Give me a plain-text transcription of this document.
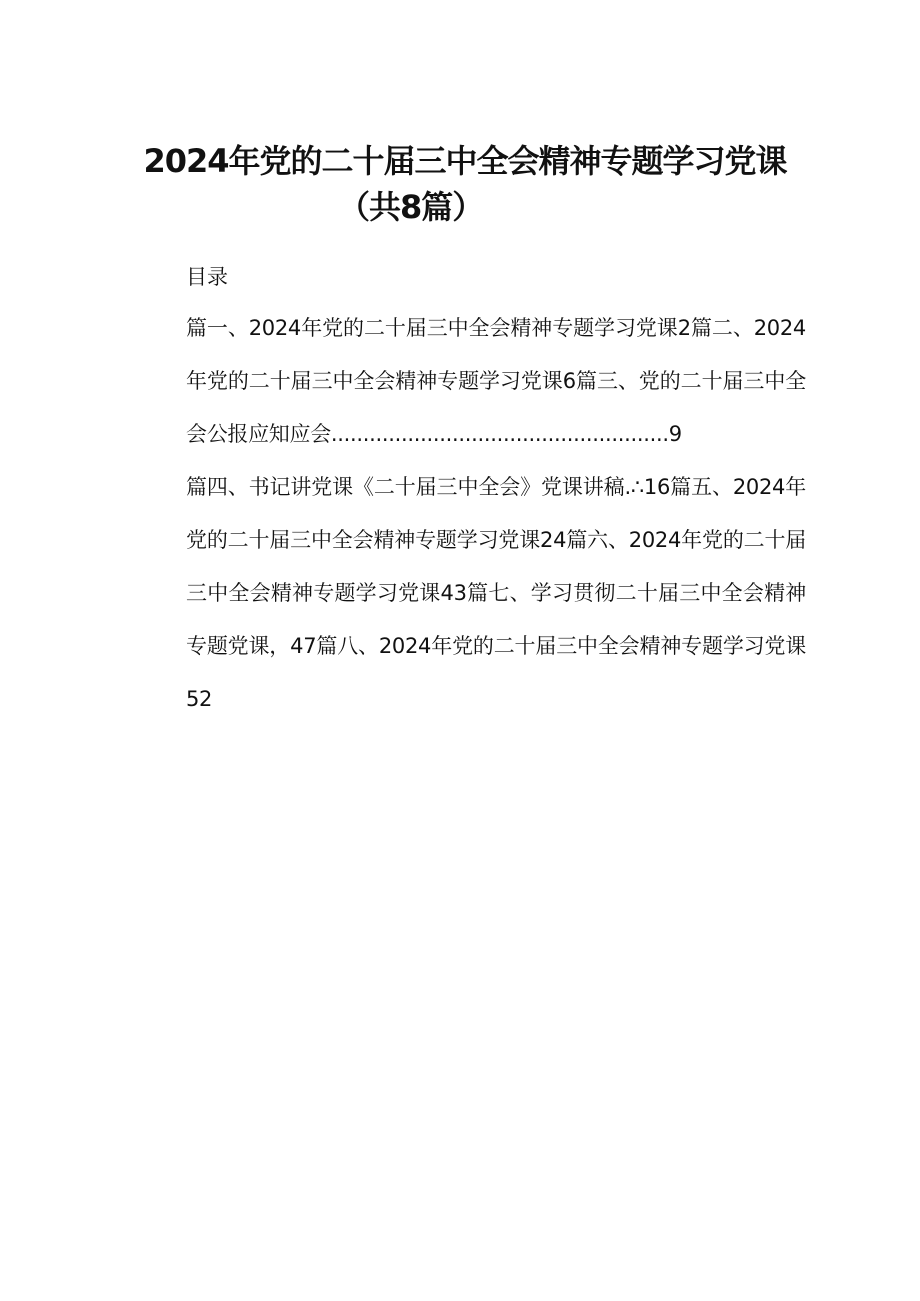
2024年党的二十届三中全会精神专题学习党课
（共8篇）
目录
篇一、2024年党的二十届三中全会精神专题学习党课2篇二、2024年党的二十届三中全会精神专题学习党课6篇三、党的二十届三中全会公报应知应会.....................................................9
篇四、书记讲党课《二十届三中全会》党课讲稿.∴16篇五、2024年党的二十届三中全会精神专题学习党课24篇六、2024年党的二十届三中全会精神专题学习党课43篇七、学习贯彻二十届三中全会精神专题党课，47篇八、2024年党的二十届三中全会精神专题学习党课52
